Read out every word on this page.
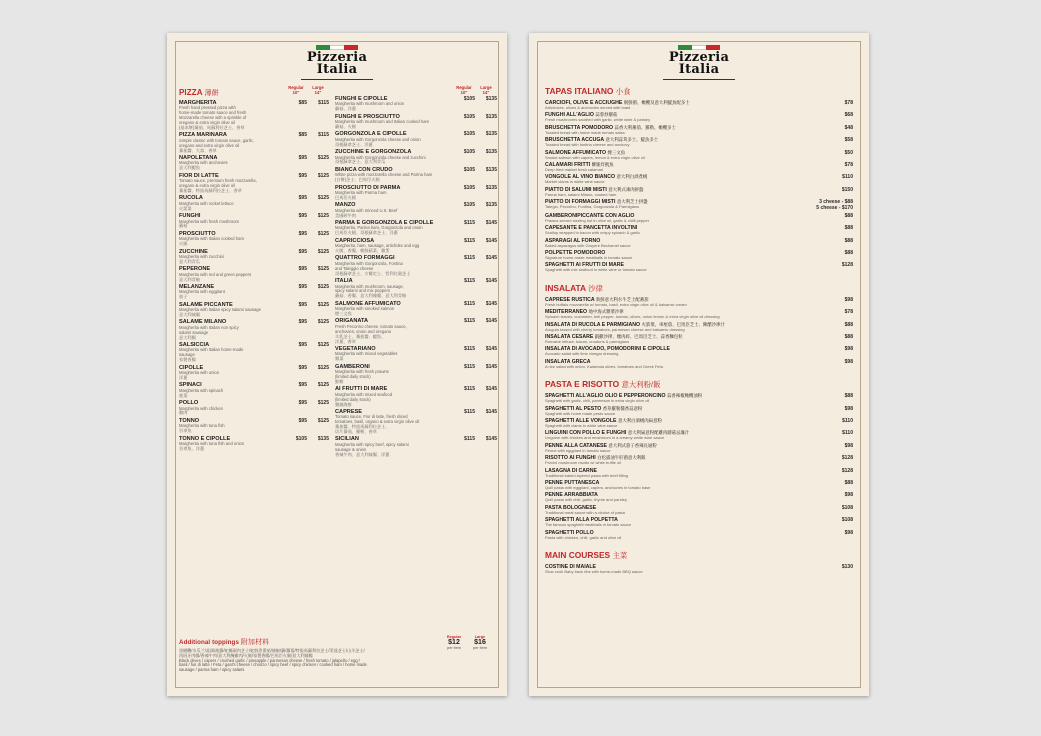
Pizzeria
Italia
PIZZA 薄餅
Regular
10"
Large
14"
MARGHERITA
Fresh hand pressed pizza with
home-made tomato sauce and fresh
Mozzarella cheese with a sprinkle of
oregano & extra virgin olive oil
(基本餅)蕃茄、馬蘇利拉芝士、香草
$85	$115
PIZZA MARINARA
Simple classic with tomato sauce, garlic,
oregano and extra virgin olive oil
蕃茄醬、大蒜、香草
$85	$115
NAPOLETANA
Margherita with anchovies
意大利鯷魚
$95	$125
FIOR DI LATTE
Tomato sauce, premium fresh mozzarella,
oregano & extra virgin olive oil
蕃茄醬、特級馬蘇利拉芝士、香草
$95	$125
RUCOLA
Margherita with rocket lettuce
火箭菜
$95	$125
FUNGHI
Margherita with fresh mushroom
蘑菇
$95	$125
PROSCIUTTO
Margherita with Italian cooked ham
火腿
$95	$125
ZUCCHINE
Margherita with zucchini
意大利青瓜
$95	$125
PEPERONE
Margherita with red and green peppers
意大利青椒
$95	$125
MELANZANE
Margherita with eggplant
茄子
$95	$125
SALAME PICCANTE
Margherita with Italian spicy salami sausage
意大利辣腸
$95	$125
SALAME MILANO
Margherita with Italian non spicy
salami sausage
意大利腸
$95	$125
SALSICCIA
Margherita with Italian home-made
sausage
家製香腸
$95	$125
CIPOLLE
Margherita with onion
洋蔥
$95	$125
SPINACI
Margherita with spinach
菠菜
$95	$125
POLLO
Margherita with chicken
雞肉
$95	$125
TONNO
Margherita with tuna fish
吞拿魚
$95	$125
TONNO E CIPOLLE
Margherita with tuna fish and onion
吞拿魚、洋蔥
$105	$135
Regular
10"
Large
14"
FUNGHI E CIPOLLE
Margherita with mushroom and onion
蘑菇、洋蔥
$105	$135
FUNGHI E PROSCIUTTO
Margherita with mushroom and Italian cooked ham
蘑菇、火腿
$105	$135
GORGONZOLA E CIPOLLE
Margherita with Gorgonzola cheese and onion
哥根蘇拿芝士、洋蔥
$105	$135
ZUCCHINE E GORGONZOLA
Margherita with Gorgonzola cheese and zucchini
哥根蘇拿芝士、意大利青瓜
$105	$135
BIANCA CON CRUDO
White pizza with mozzarella cheese and Parma ham
(白餅)芝士、巴馬臣火腿
$105	$135
PROSCIUTTO DI PARMA
Margherita with Parma ham
巴馬臣火腿
$105	$135
MANZO
Margherita with minced U.S. Beef
美國碎牛肉
$105	$135
PARMA E GORGONZOLA E CIPOLLE
Margherita, Parma ham, Gorgonzola and onion
巴馬臣火腿、哥根蘇拿芝士、洋蔥
$115	$145
CAPRICCIOSA
Margherita, ham, sausage, artichoke and egg
火腿、香腸、朝鮮薊菜、雞蛋
$115	$145
QUATTRO FORMAGGI
Margherita with Gorgonzola, Fontina
and Taleggio cheese
哥根蘇拿芝士、方爾定士、哲利比奧芝士
$115	$145
ITALIA
Margherita with mushroom, sausage,
spicy salami and mix peppers
蘑菇、香腸、意大利辣腸、意大利青椒
$115	$145
SALMONE AFFUMICATO
Margherita with smoked salmon
煙三文魚
$115	$145
ORIGANATA
Fresh Pecorino cheese, tomato sauce,
anchovies, onion and oregano
羊乳芝士、蕃茄醬、鯷魚、
洋蔥、香草
$115	$145
VEGETARIANO
Margherita with mixed vegetables
雜菜
$115	$145
GAMBERONI
Margherita with fresh prawns
(limited daily stock)
鮮蝦
$115	$145
AI FRUTTI DI MARE
Margherita with mixed seafood
(limited daily stock)
雜錦海鮮
$115	$145
CAPRESE
Tomato sauce, Fior di latte, fresh sliced
tomatoes, basil, organo & extra virgin olive oil
蕃茄醬、特級馬蘇利拉芝士、
切片蕃茄、羅勒、香草
$115	$145
SICILIAN
Margherita with spicy beef, spicy salami
sausage & onion
香辣牛肉、意大利辣腸、洋蔥
$115	$145
Additional toppings 附加材料
Regular
$12
per item
Large
$16
per item
黑橄欖/水瓜兰/蒜頭/菠蘿/蛇椰頭肉芝士/蛇鮮煮番茄/辣椒/蘑/蘿蔔/特級馬蘇利拉芝士/菲達芝士/山羊芝士/
西班牙肉腸/香辣牛肉/意大利醃雞肉/火腿/家製香腸/巴馬臣火腿/意大利辣腸
Black olives / capers / crushed garlic / pineapple / parmesan cheese / fresh tomato / jalapeño / egg /
basil / fior di latte / Feta / goat's cheese / chorizo / spicy beef / spicy chicken / cooked ham / home made
sausage / parma ham / spicy salami
Pizzeria
Italia
TAPAS ITALIANO 小食
CARCIOFI, OLIVE E ACCIUGHE 朝鮮薊、橄欖及意大利鯷魚配多士
Artichokes, olives & anchovies served with toast
$78
FUNGHI ALL'AGLIO 蒜蓉炒蘑菇
Fresh mushrooms sautéed with garlic, white wine & parsley
$68
BRUSCHETTA POMODORO 蒜香大利蕃茄、羅勒、橄欖多士
Toasted bread with home made tomato salsa
$48
BRUSCHETTA ACCUGA 意大利蒜茸多士、鯷魚多士
Toasted bread with fontina cheese and anchovy
$58
SALMONE AFFUMICATO 煙三文魚
Smoke salmon with capers, lemon & extra virgin olive oil
$50
CALAMARI FRITTI 酥脆炸魷魚
Deep fried market fresh calamari
$78
VONGOLE AL VINO BIANCO 意大利白酒煮蜆
Market clams in white wine sauce
$110
PIATTO DI SALUMI MISTI 意大利式凍肉拼盤
Parma ham, salami Milano, cooked ham
$150
PIATTO DI FORMAGGI MISTI 意大利芝士拼盤
Talegio, Pecorino, Fontina, Gorgonzola & Parmigiano
3 cheese - $88
5 cheese - $170
GAMBERONIPICCANTE CON AGLIO
Prawns served sizzling hot in olive oil, garlic & chilli pepper
$88
CAPESANTE E PANCETTA INVOLTINI
Scallop wrapped in bacon with crispy spinach & garlic
$88
ASPARAGI AL FORNO
Baked asparagus with Gruyere Bechamel sauce
$88
POLPETTE POMODORO
Signature home-made meatballs in tomato sauce
$88
SPAGHETTI AI FRUTTI DI MARE
Spaghetti with mix seafood in white wine or tomato sauce
$128
INSALATA 沙律
CAPRESE RUSTICA 新鮮意大利水牛芝士配蕃茄
Fresh buffalo mozzarella w/ tomato, basil, extra virgin olive oil & balsamic cream
$98
MEDITERRANEO 地中海式雜菜沙律
Spinach leaves, cucumber, bell pepper, tomato, olives, onion lemon & extra virgin olive oil dressing
$78
INSALATA DI RUCOLA E PARMIGIANO 火箭菜、車厘茄、巴馬臣芝士、陳醋沙律汁
Arugula tossed with cherry tomatoes, parmesan cheese and balsamic dressing
$88
INSALATA CESARE 凱撒沙律、煙肉碎、巴馬臣芝士、蒜香麵包粒
Romaine lettuce, bacon, croutons & parmigiano
$88
INSALATA DI AVOCADO, POMODORINI E CIPOLLE
Avocado salad with lime vinegar dressing
$98
INSALATA GRECA
A rice salad with onion, Kalamata olives, tomatoes and Greek Feta
$98
PASTA E RISOTTO 意大利粉/飯
SPAGHETTI ALL'AGLIO OLIO E PEPPERONCINO 蒜香辣椒橄欖油粉
Spaghetti with garlic, chili, parmesan in extra virgin olive oil
$88
SPAGHETTI AL PESTO 香草羅勒醬香蒜意粉
Spaghetti with home made pesto sauce
$98
SPAGHETTI ALLE VONGOLE 意大利白酒蜆肉扁意粉
Spaghetti with clams in white wine sauce
$110
LINGUINI CON POLLO E FUNGHI 意大利扁意粉配雞肉蘑菇忌廉汁
Linguine with chicken and mushroom in a creamy white wine sauce
$110
PENNE ALLA CATANESE 意大利式茄子香辣長通粉
Penne with eggplant in tomato sauce
$98
RISOTTO AI FUNGHI 白松露油牛肝菌意大利飯
Porcini mushroom risotto w/ white truffle oil
$128
LASAGNA DI CARNE
Traditional baked layered pasta with beef filling
$128
PENNE PUTTANESCA
Quill pasta with eggplant, capers, anchovies in tomato base
$88
PENNE ARRABBIATA
Quill pasta with chili, garlic, thyme and parsley
$98
PASTA BOLOGNESE
Traditional meat sauce with a choice of pasta
$108
SPAGHETTI ALLA POLPETTA
The famous spaghetti meatballs in tomato sauce
$108
SPAGHETTI POLLO
Pasta with chicken, chili, garlic and olive oil
$98
MAIN COURSES 主菜
COSTINE DI MAIALE
Slow cook Baby back ribs with home-made BBQ sauce
$130
